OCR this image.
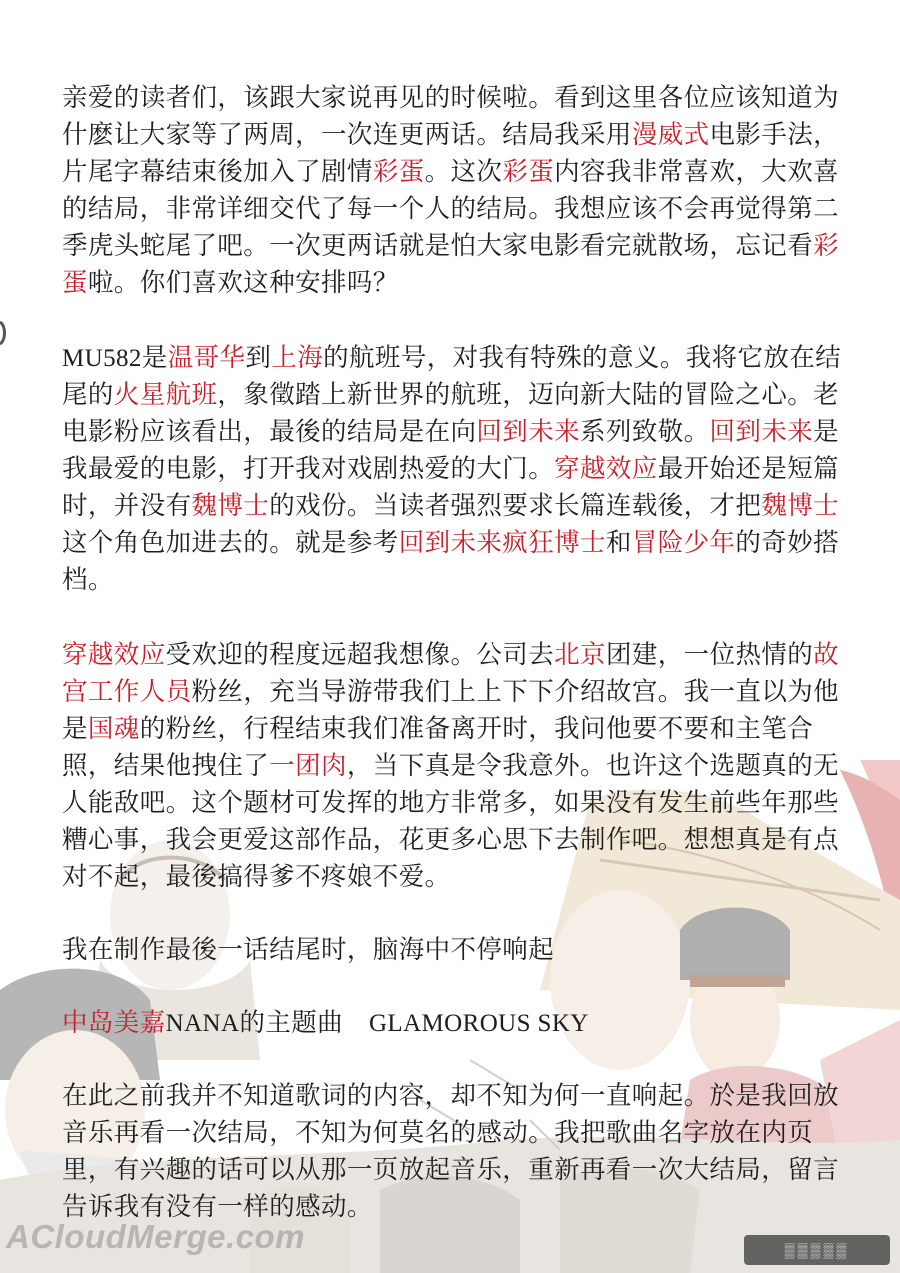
亲爱的读者们，该跟大家说再见的时候啦。看到这里各位应该知道为什麽让大家等了两周，一次连更两话。结局我采用漫威式电影手法，片尾字幕结束後加入了剧情彩蛋。这次彩蛋内容我非常喜欢，大欢喜的结局，非常详细交代了每一个人的结局。我想应该不会再觉得第二季虎头蛇尾了吧。一次更两话就是怕大家电影看完就散场，忘记看彩蛋啦。你们喜欢这种安排吗？

MU582是温哥华到上海的航班号，对我有特殊的意义。我将它放在结尾的火星航班，象徵踏上新世界的航班，迈向新大陆的冒险之心。老电影粉应该看出，最後的结局是在向回到未来系列致敬。回到未来是我最爱的电影，打开我对戏剧热爱的大门。穿越效应最开始还是短篇时，并没有魏博士的戏份。当读者强烈要求长篇连载後，才把魏博士这个角色加进去的。就是参考回到未来疯狂博士和冒险少年的奇妙搭档。

穿越效应受欢迎的程度远超我想像。公司去北京团建，一位热情的故宫工作人员粉丝，充当导游带我们上上下下介绍故宫。我一直以为他是国魂的粉丝，行程结束我们准备离开时，我问他要不要和主笔合照，结果他拽住了一团肉，当下真是令我意外。也许这个选题真的无人能敌吧。这个题材可发挥的地方非常多，如果没有发生前些年那些糟心事，我会更爱这部作品，花更多心思下去制作吧。想想真是有点对不起，最後搞得爹不疼娘不爱。

我在制作最後一话结尾时，脑海中不停响起

中岛美嘉NANA的主题曲　GLAMOROUS SKY

在此之前我并不知道歌词的内容，却不知为何一直响起。於是我回放音乐再看一次结局，不知为何莫名的感动。我把歌曲名字放在内页里，有兴趣的话可以从那一页放起音乐，重新再看一次大结局，留言告诉我有没有一样的感动。

ACloudMerge.com	▒▒▒▒▒
